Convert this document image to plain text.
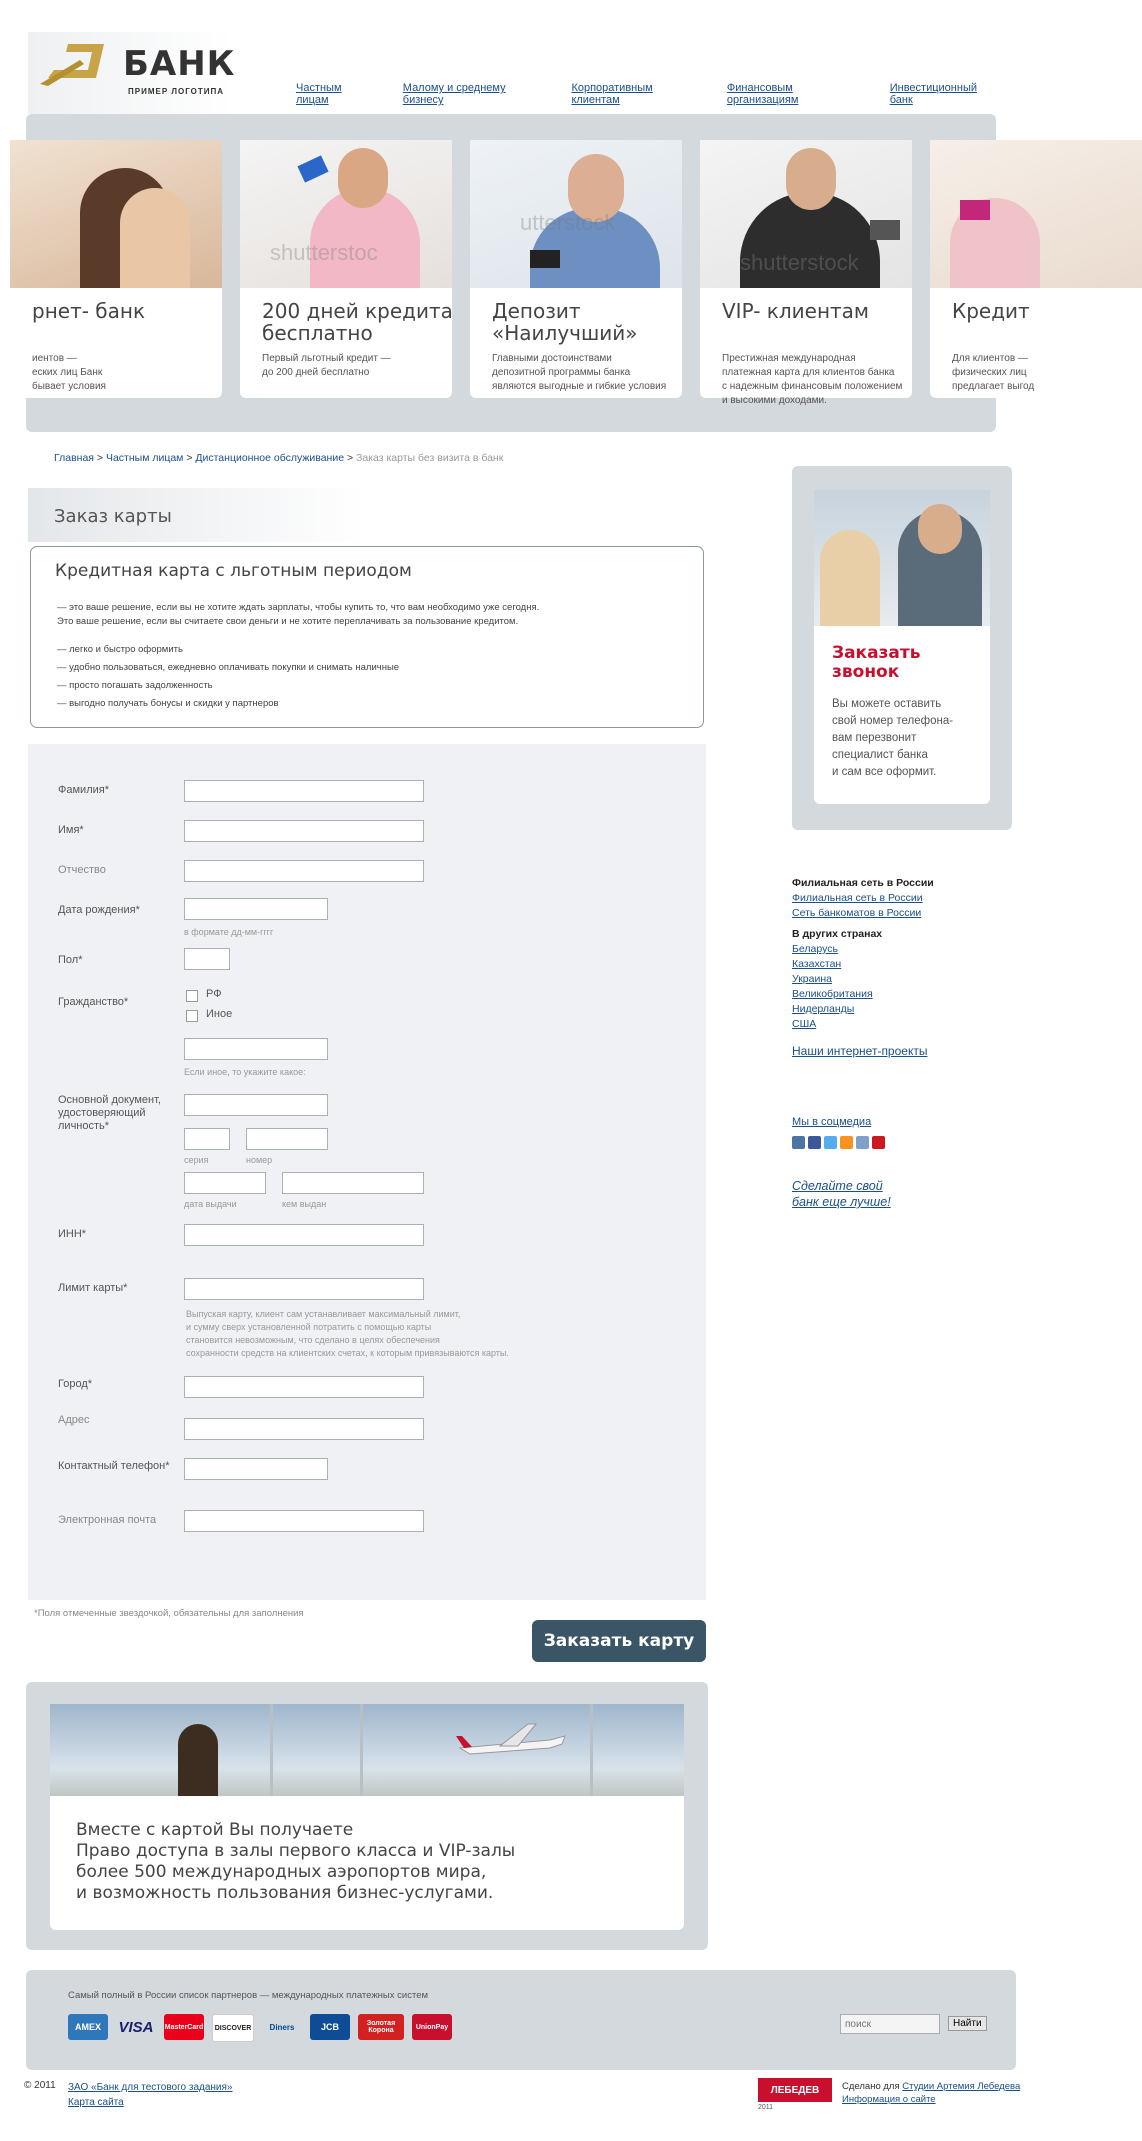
БАНК
ПРИМЕР ЛОГОТИПА	Частным лицам
Малому и среднему бизнесу
Корпоративным клиентам
Финансовым организациям
Инвестиционный банк
рнет- банк
иентов —
еских лиц Банк
бывает условия
shutterstoc
200 дней кредита
бесплатно
Первый льготный кредит —
до 200 дней бесплатно
utterstock
Депозит
«Наилучший»
Главными достоинствами
депозитной программы банка
являются выгодные и гибкие условия
shutterstock
VIP- клиентам
Престижная международная
платежная карта для клиентов банка
с надежным финансовым положением
и высокими доходами.
Кредит
Для клиентов —
физических лиц
предлагает выгод
Главная > Частным лицам > Дистанционное обслуживание > Заказ карты без визита в банк
Заказ карты
Кредитная карта с льготным периодом
— это ваше решение, если вы не хотите ждать зарплаты, чтобы купить то, что вам необходимо уже сегодня.
Это ваше решение, если вы считаете свои деньги и не хотите переплачивать за пользование кредитом.
— легко и быстро оформить
— удобно пользоваться, ежедневно оплачивать покупки и снимать наличные
— просто погашать задолженность
— выгодно получать бонусы и скидки у партнеров
Фамилия*
Имя*
Отчество
Дата рождения*
в формате дд-мм-гггг
Пол*
Гражданство*
РФ
Иное
Если иное, то укажите какое:
Основной документ,
удостоверяющий
личность*
серия	номер
дата выдачи	кем выдан
ИНН*
Лимит карты*
Выпуская карту, клиент сам устанавливает максимальный лимит,
и сумму сверх установленной потратить с помощью карты
становится невозможным, что сделано в целях обеспечения
сохранности средств на клиентских счетах, к которым привязываются карты.
Город*
Адрес
Контактный телефон*
Электронная почта
*Поля отмеченные звездочкой, обязательны для заполнения
Заказать карту
Вместе с картой Вы получаете
Право доступа в залы первого класса и VIP-залы
более 500 международных аэропортов мира,
и возможность пользования бизнес-услугами.
Заказать
звонок
Вы можете оставить
свой номер телефона-
вам перезвонит
специалист банка
и сам все оформит.
Филиальная сеть в России
Филиальная сеть в России
Сеть банкоматов в России
В других странах
Беларусь
Казахстан
Украина
Великобритания
Нидерланды
США
Наши интернет-проекты
Мы в соцмедиа
Сделайте свой
банк еще лучше!
Самый полный в России список партнеров — международных платежных систем
AMEX	VISA	MasterCard	DISCOVER	Diners	JCB	Золотая Корона	UnionPay
поиск	Найти
© 2011 ЗАО «Банк для тестового задания»
Карта сайта
ЛЕБЕДЕВ
2011
Сделано для Студии Артемия Лебедева
Информация о сайте
